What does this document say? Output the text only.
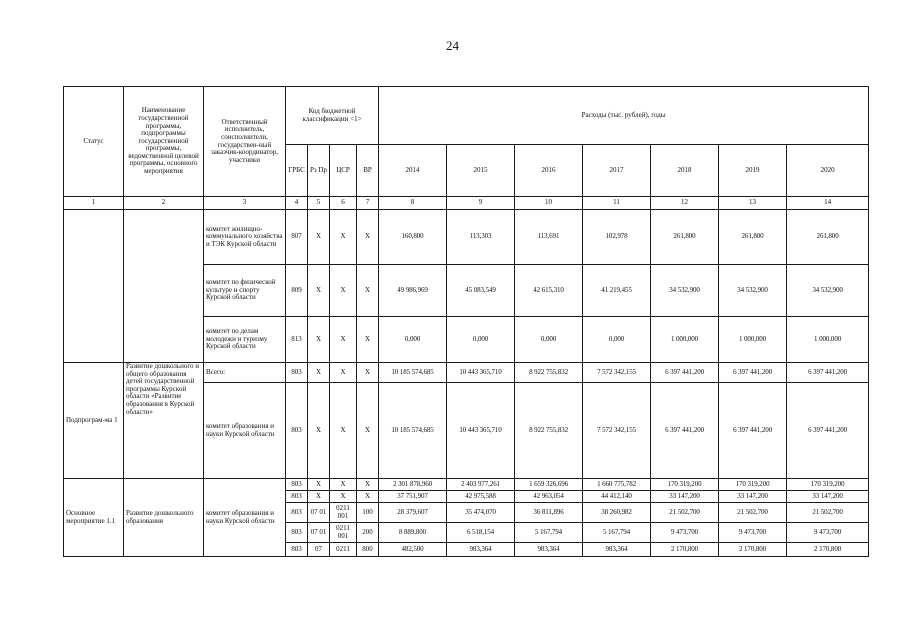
24
Статус	Наименование государственной программы, подпрограммы государственной программы, ведомственной целевой программы, основного мероприятия	Ответственный исполнитель, соисполнители, государствен-ный заказчик-координатор, участники	Код бюджетной классификации <1>				Расходы (тыс. рублей), годы						
			ГРБС	Рз Пр	ЦСР	ВР	2014	2015	2016	2017	2018	2019	2020
1	2	3	4	5	6	7	8	9	10	11	12	13	14
		комитет жилищно-коммунального хозяйства и ТЭК Курской области	807	Х	Х	Х	160,800	113,303	113,691	102,978	261,800	261,800	261,800
		комитет по физической культуре и спорту Курской области	809	Х	Х	Х	49 986,969	45 083,549	42 615,310	41 219,455	34 532,900	34 532,900	34 532,900
		комитет по делам молодежи и туризму Курской области	813	Х	Х	Х	0,000	0,000	0,000	0,000	1 000,000	1 000,000	1 000,000
Подпрограм-ма 1	Развитие дошкольного и общего образования детей государственной программы Курской области «Развитие образования в Курской области»	Всего:	803	Х	Х	Х	10 185 574,685	10 443 365,710	8 922 755,832	7 572 342,155	6 397 441,200	6 397 441,200	6 397 441,200
		комитет образования и науки Курской области	803	Х	Х	Х	10 185 574,685	10 443 365,710	8 922 755,832	7 572 342,155	6 397 441,200	6 397 441,200	6 397 441,200
Основное мероприятие 1.1	Развитие дошкольного образования	комитет образования и науки Курской области	803	Х	Х	Х	2 301 878,960	2 403 977,261	1 659 326,696	1 660 775,782	170 319,200	170 319,200	170 319,200
			803	Х	Х	Х	37 751,907	42 975,588	42 963,054	44 412,140	33 147,200	33 147,200	33 147,200
			803	07 01	0211 001	100	28 379,607	35 474,070	36 811,896	38 260,982	21 502,700	21 502,700	21 502,700
			803	07 01	0211 001	200	8 889,800	6 518,154	5 167,794	5 167,794	9 473,700	9 473,700	9 473,700
			803	07	0211	800	482,500	983,364	983,364	983,364	2 170,800	2 170,800	2 170,800
